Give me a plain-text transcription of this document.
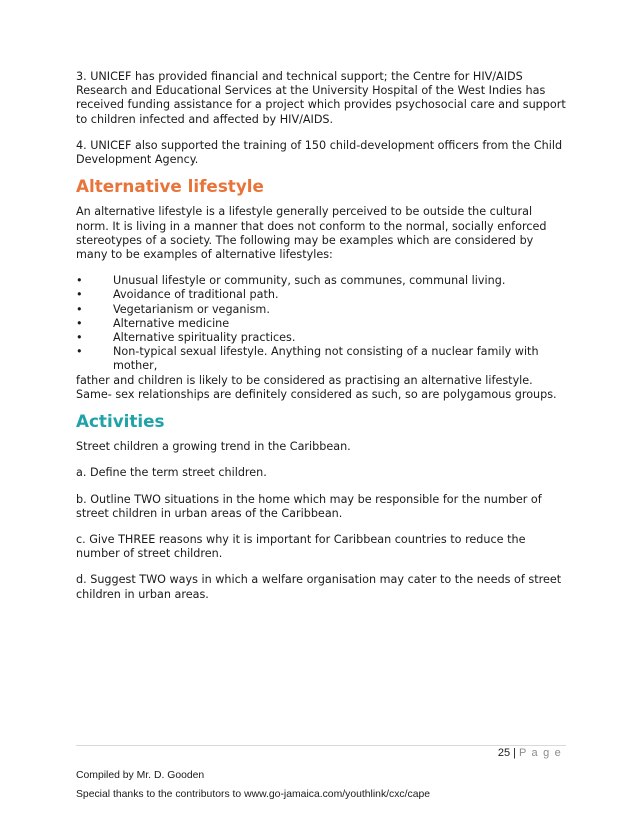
3. UNICEF has provided financial and technical support; the Centre for HIV/AIDS Research and Educational Services at the University Hospital of the West Indies has received funding assistance for a project which provides psychosocial care and support to children infected and affected by HIV/AIDS.

4. UNICEF also supported the training of 150 child-development officers from the Child Development Agency.

Alternative lifestyle

An alternative lifestyle is a lifestyle generally perceived to be outside the cultural norm. It is living in a manner that does not conform to the normal, socially enforced stereotypes of a society. The following may be examples which are considered by many to be examples of alternative lifestyles:

•	Unusual lifestyle or community, such as communes, communal living.
•	Avoidance of traditional path.
•	Vegetarianism or veganism.
•	Alternative medicine
•	Alternative spirituality practices.
•	Non-typical sexual lifestyle. Anything not consisting of a nuclear family with mother,
father and children is likely to be considered as practising an alternative lifestyle. Same- sex relationships are definitely considered as such, so are polygamous groups.
Activities

Street children a growing trend in the Caribbean.

a. Define the term street children.

b. Outline TWO situations in the home which may be responsible for the number of street children in urban areas of the Caribbean.

c. Give THREE reasons why it is important for Caribbean countries to reduce the number of street children.

d. Suggest TWO ways in which a welfare organisation may cater to the needs of street children in urban areas.

25 | P a g e
Compiled by Mr. D. Gooden
Special thanks to the contributors to www.go-jamaica.com/youthlink/cxc/cape
